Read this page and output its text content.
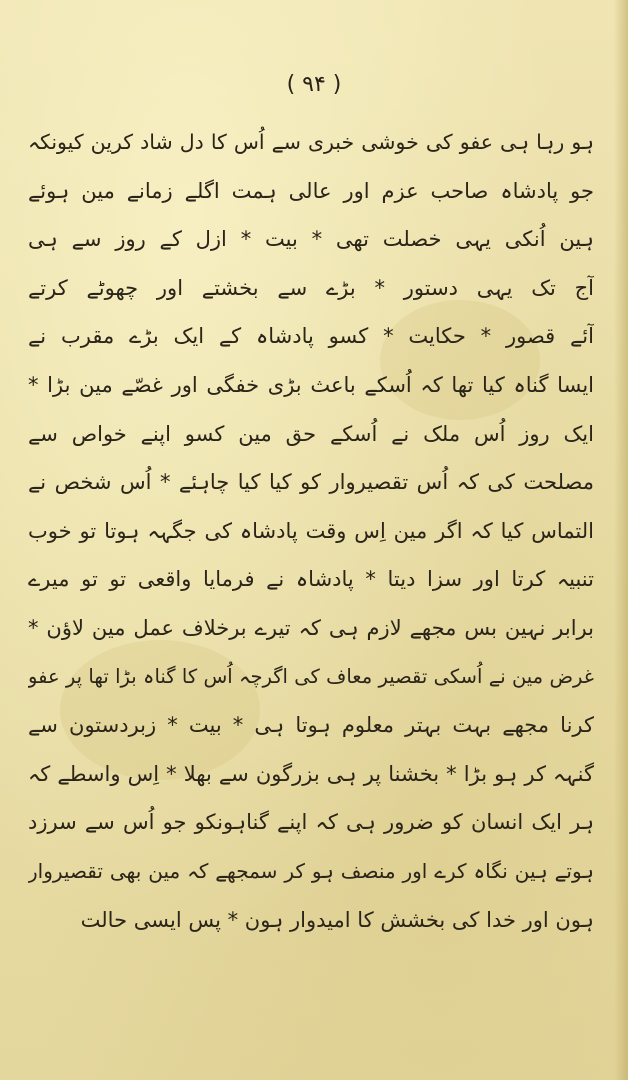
( ۹۴ )
ہو رہا ہی عفو کی خوشی خبری سے اُس کا دل شاد کرین کیونکہ
جو پادشاہ صاحب عزم اور عالی ہمت اگلے زمانے مین ہوئے
ہین اُنکی یہی خصلت تھی * بیت * ازل کے روز سے ہی
آج تک یہی دستور * بڑے سے بخشتے اور چھوٹے کرتے
آئے قصور * حکایت * کسو پادشاہ کے ایک بڑے مقرب نے
ایسا گناہ کیا تھا کہ اُسکے باعث بڑی خفگی اور غصّے مین بڑا *
ایک روز اُس ملک نے اُسکے حق مین کسو اپنے خواص سے
مصلحت کی کہ اُس تقصیروار کو کیا کیا چاہئے * اُس شخص نے
التماس کیا کہ اگر مین اِس وقت پادشاہ کی جگہہ ہوتا تو خوب
تنبیہ کرتا اور سزا دیتا * پادشاہ نے فرمایا واقعی تو تو میرے
برابر نہین بس مجھے لازم ہی کہ تیرے برخلاف عمل مین لاؤن *
غرض مین نے اُسکی تقصیر معاف کی اگرچہ اُس کا گناہ بڑا تھا پر عفو
کرنا مجھے بہت بہتر معلوم ہوتا ہی * بیت * زبردستون سے
گنہہ کر ہو بڑا * بخشنا پر ہی بزرگون سے بھلا * اِس واسطے کہ
ہر ایک انسان کو ضرور ہی کہ اپنے گناہونکو جو اُس سے سرزد
ہوتے ہین نگاہ کرے اور منصف ہو کر سمجھے کہ مین بھی تقصیروار
ہون اور خدا کی بخشش کا امیدوار ہون * پس ایسی حالت
